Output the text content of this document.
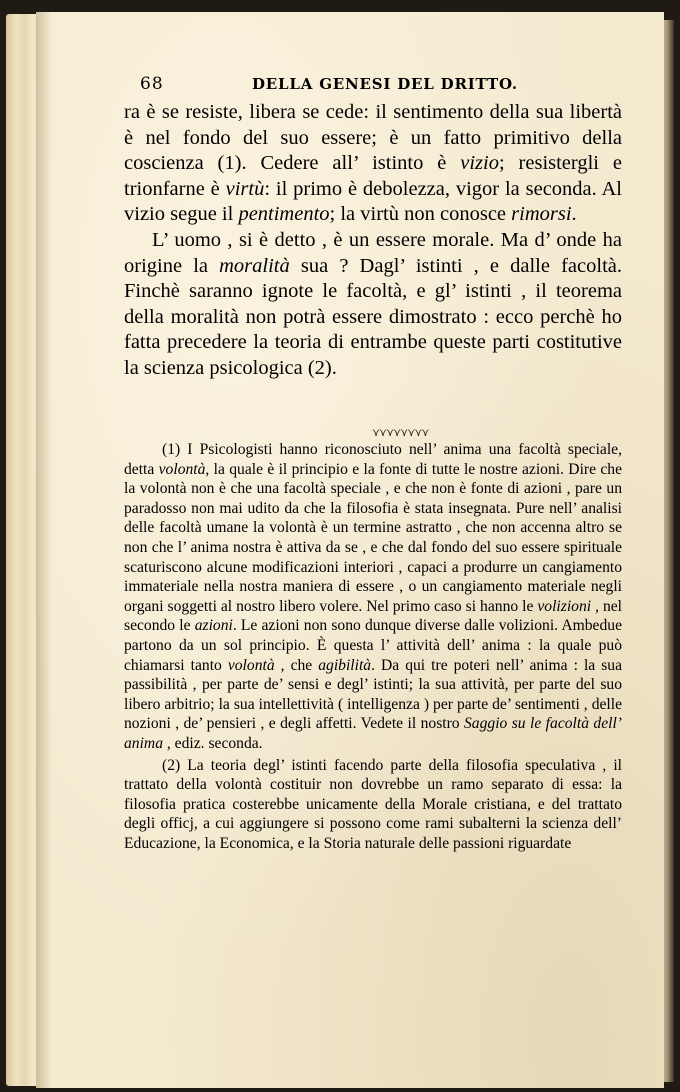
68	DELLA GENESI DEL DRITTO.

ra è se resiste, libera se cede: il sentimento della sua libertà è nel fondo del suo essere; è un fatto primitivo della coscienza (1). Cedere all’ istinto è vizio; resistergli e trionfarne è virtù: il primo è debolezza, vigor la seconda. Al vizio segue il pentimento; la virtù non conosce rimorsi.

L’ uomo , si è detto , è un essere morale. Ma d’ onde ha origine la moralità sua ? Dagl’ istinti , e dalle facoltà. Finchè saranno ignote le facoltà, e gl’ istinti , il teorema della moralità non potrà essere dimostrato : ecco perchè ho fatta precedere la teoria di entrambe queste parti costitutive la scienza psicologica (2).

⋎⋎⋎⋎⋎⋎⋎⋎

(1) I Psicologisti hanno riconosciuto nell’ anima una facoltà speciale, detta volontà, la quale è il principio e la fonte di tutte le nostre azioni. Dire che la volontà non è che una facoltà speciale , e che non è fonte di azioni , pare un paradosso non mai udito da che la filosofia è stata insegnata. Pure nell’ analisi delle facoltà umane la volontà è un termine astratto , che non accenna altro se non che l’ anima nostra è attiva da se , e che dal fondo del suo essere spirituale scaturiscono alcune modificazioni interiori , capaci a produrre un cangiamento immateriale nella nostra maniera di essere , o un cangiamento materiale negli organi soggetti al nostro libero volere. Nel primo caso si hanno le volizioni , nel secondo le azioni. Le azioni non sono dunque diverse dalle volizioni. Ambedue partono da un sol principio. È questa l’ attività dell’ anima : la quale può chiamarsi tanto volontà , che agibilità. Da qui tre poteri nell’ anima : la sua passibilità , per parte de’ sensi e degl’ istinti; la sua attività, per parte del suo libero arbitrio; la sua intellettività ( intelligenza ) per parte de’ sentimenti , delle nozioni , de’ pensieri , e degli affetti. Vedete il nostro Saggio su le facoltà dell’ anima , ediz. seconda.

(2) La teoria degl’ istinti facendo parte della filosofia speculativa , il trattato della volontà costituir non dovrebbe un ramo separato di essa: la filosofia pratica costerebbe unicamente della Morale cristiana, e del trattato degli officj, a cui aggiungere si possono come rami subalterni la scienza dell’ Educazione, la Economica, e la Storia naturale delle passioni riguardate
